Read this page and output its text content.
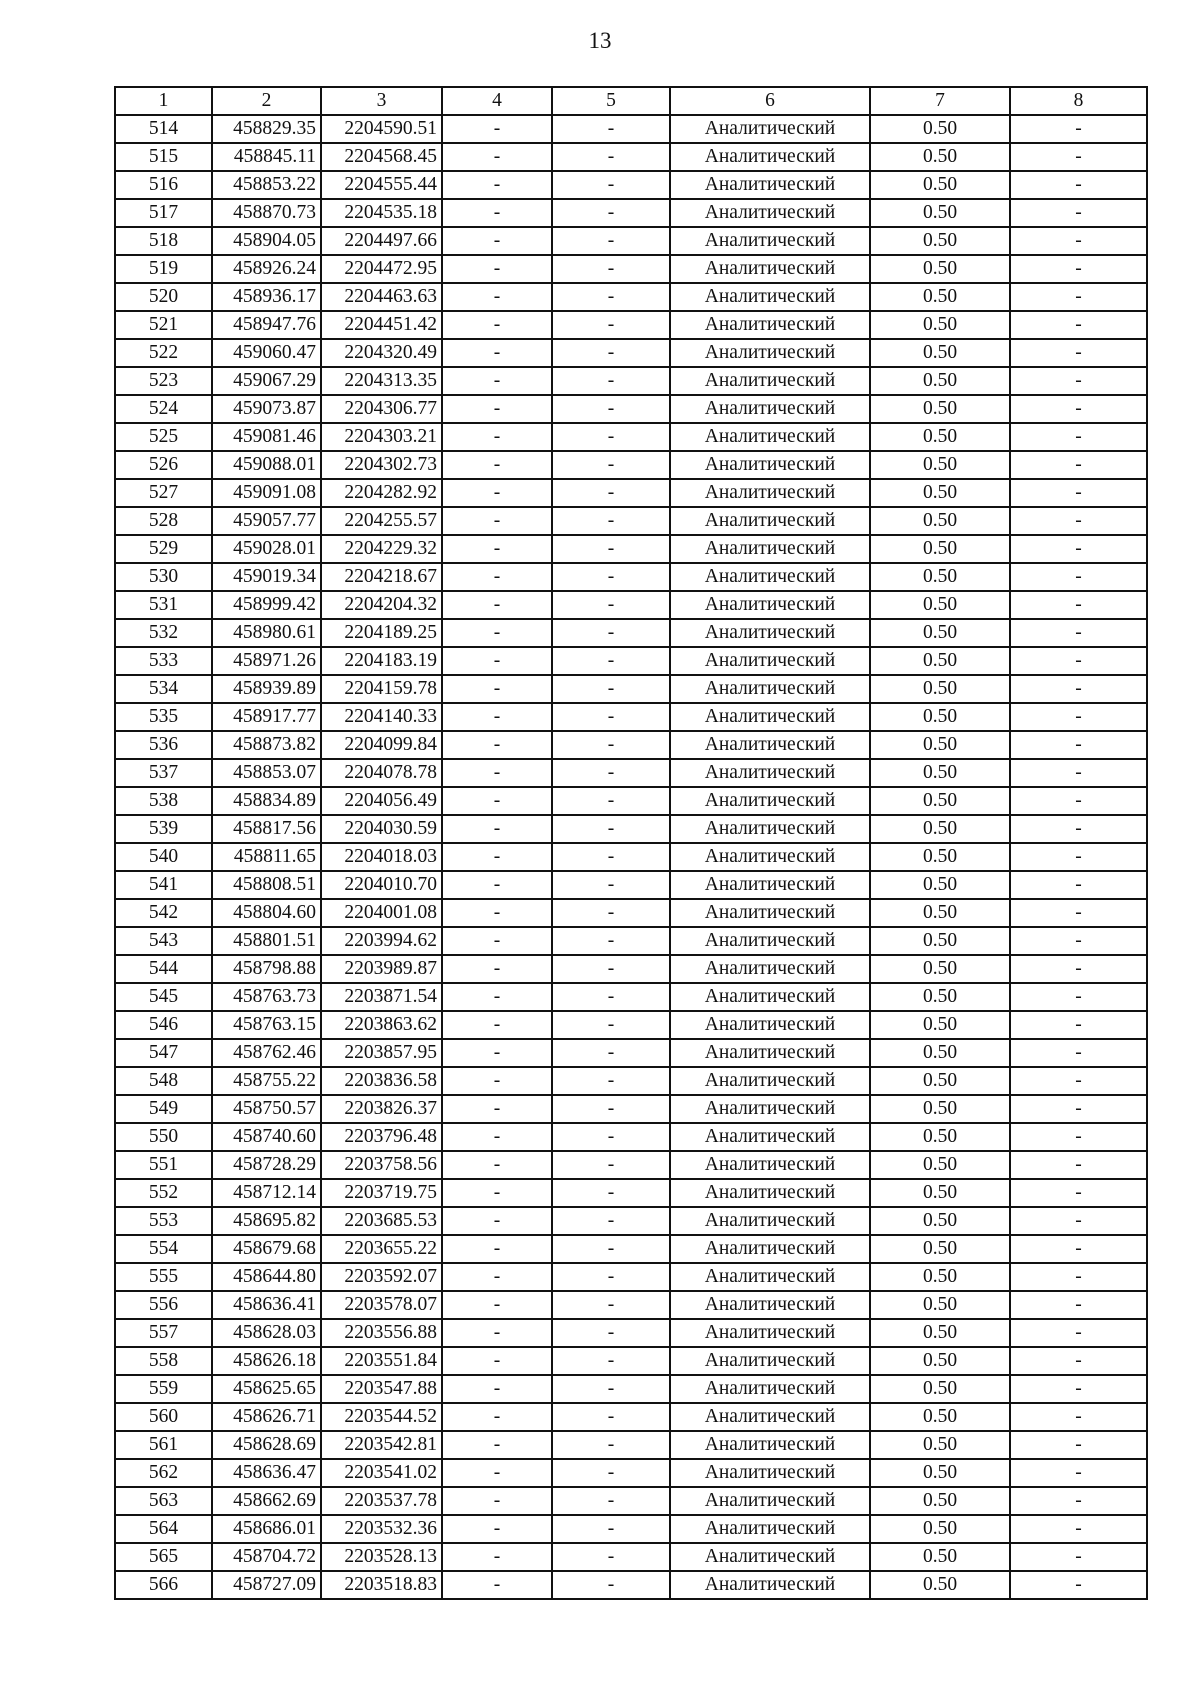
13
1	2	3	4	5	6	7	8
514	458829.35	2204590.51	-	-	Аналитический	0.50	-
515	458845.11	2204568.45	-	-	Аналитический	0.50	-
516	458853.22	2204555.44	-	-	Аналитический	0.50	-
517	458870.73	2204535.18	-	-	Аналитический	0.50	-
518	458904.05	2204497.66	-	-	Аналитический	0.50	-
519	458926.24	2204472.95	-	-	Аналитический	0.50	-
520	458936.17	2204463.63	-	-	Аналитический	0.50	-
521	458947.76	2204451.42	-	-	Аналитический	0.50	-
522	459060.47	2204320.49	-	-	Аналитический	0.50	-
523	459067.29	2204313.35	-	-	Аналитический	0.50	-
524	459073.87	2204306.77	-	-	Аналитический	0.50	-
525	459081.46	2204303.21	-	-	Аналитический	0.50	-
526	459088.01	2204302.73	-	-	Аналитический	0.50	-
527	459091.08	2204282.92	-	-	Аналитический	0.50	-
528	459057.77	2204255.57	-	-	Аналитический	0.50	-
529	459028.01	2204229.32	-	-	Аналитический	0.50	-
530	459019.34	2204218.67	-	-	Аналитический	0.50	-
531	458999.42	2204204.32	-	-	Аналитический	0.50	-
532	458980.61	2204189.25	-	-	Аналитический	0.50	-
533	458971.26	2204183.19	-	-	Аналитический	0.50	-
534	458939.89	2204159.78	-	-	Аналитический	0.50	-
535	458917.77	2204140.33	-	-	Аналитический	0.50	-
536	458873.82	2204099.84	-	-	Аналитический	0.50	-
537	458853.07	2204078.78	-	-	Аналитический	0.50	-
538	458834.89	2204056.49	-	-	Аналитический	0.50	-
539	458817.56	2204030.59	-	-	Аналитический	0.50	-
540	458811.65	2204018.03	-	-	Аналитический	0.50	-
541	458808.51	2204010.70	-	-	Аналитический	0.50	-
542	458804.60	2204001.08	-	-	Аналитический	0.50	-
543	458801.51	2203994.62	-	-	Аналитический	0.50	-
544	458798.88	2203989.87	-	-	Аналитический	0.50	-
545	458763.73	2203871.54	-	-	Аналитический	0.50	-
546	458763.15	2203863.62	-	-	Аналитический	0.50	-
547	458762.46	2203857.95	-	-	Аналитический	0.50	-
548	458755.22	2203836.58	-	-	Аналитический	0.50	-
549	458750.57	2203826.37	-	-	Аналитический	0.50	-
550	458740.60	2203796.48	-	-	Аналитический	0.50	-
551	458728.29	2203758.56	-	-	Аналитический	0.50	-
552	458712.14	2203719.75	-	-	Аналитический	0.50	-
553	458695.82	2203685.53	-	-	Аналитический	0.50	-
554	458679.68	2203655.22	-	-	Аналитический	0.50	-
555	458644.80	2203592.07	-	-	Аналитический	0.50	-
556	458636.41	2203578.07	-	-	Аналитический	0.50	-
557	458628.03	2203556.88	-	-	Аналитический	0.50	-
558	458626.18	2203551.84	-	-	Аналитический	0.50	-
559	458625.65	2203547.88	-	-	Аналитический	0.50	-
560	458626.71	2203544.52	-	-	Аналитический	0.50	-
561	458628.69	2203542.81	-	-	Аналитический	0.50	-
562	458636.47	2203541.02	-	-	Аналитический	0.50	-
563	458662.69	2203537.78	-	-	Аналитический	0.50	-
564	458686.01	2203532.36	-	-	Аналитический	0.50	-
565	458704.72	2203528.13	-	-	Аналитический	0.50	-
566	458727.09	2203518.83	-	-	Аналитический	0.50	-
